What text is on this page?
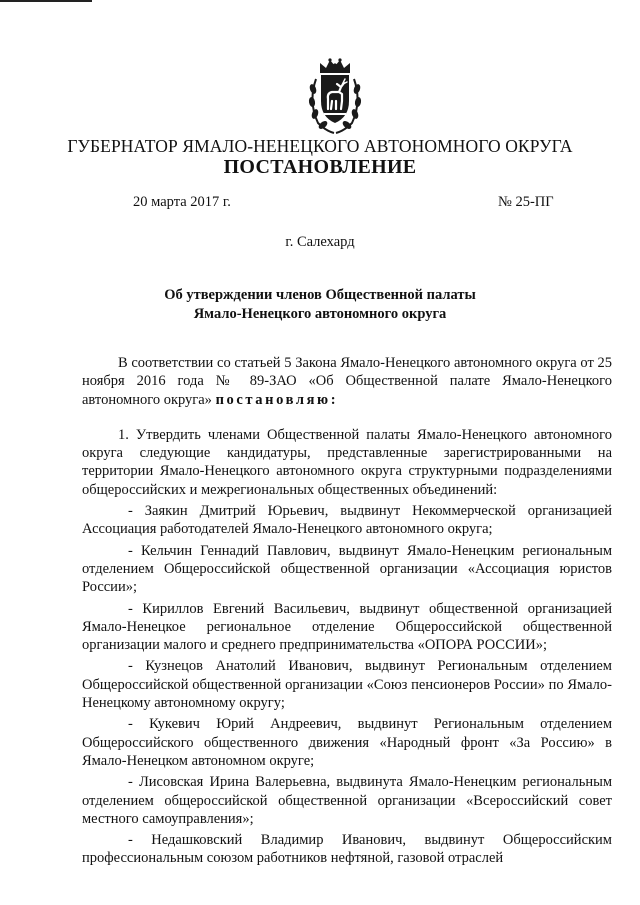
ГУБЕРНАТОР ЯМАЛО-НЕНЕЦКОГО АВТОНОМНОГО ОКРУГА
ПОСТАНОВЛЕНИЕ
20 марта 2017 г.	№ 25-ПГ
г. Салехард
Об утверждении членов Общественной палаты
Ямало-Ненецкого автономного округа

В соответствии со статьей 5 Закона Ямало-Ненецкого автономного округа от 25 ноября 2016 года № 89-ЗАО «Об Общественной палате Ямало-Ненецкого автономного округа» постановляю:

1. Утвердить членами Общественной палаты Ямало-Ненецкого автономного округа следующие кандидатуры, представленные зарегистрированными на территории Ямало-Ненецкого автономного округа структурными подразделениями общероссийских и межрегиональных общественных объединений:

- Заякин Дмитрий Юрьевич, выдвинут Некоммерческой организацией Ассоциация работодателей Ямало-Ненецкого автономного округа;

- Кельчин Геннадий Павлович, выдвинут Ямало-Ненецким региональным отделением Общероссийской общественной организации «Ассоциация юристов России»;

- Кириллов Евгений Васильевич, выдвинут общественной организацией Ямало-Ненецкое региональное отделение Общероссийской общественной организации малого и среднего предпринимательства «ОПОРА РОССИИ»;

- Кузнецов Анатолий Иванович, выдвинут Региональным отделением Общероссийской общественной организации «Союз пенсионеров России» по Ямало-Ненецкому автономному округу;

- Кукевич Юрий Андреевич, выдвинут Региональным отделением Общероссийского общественного движения «Народный фронт «За Россию» в Ямало-Ненецком автономном округе;

- Лисовская Ирина Валерьевна, выдвинута Ямало-Ненецким региональным отделением общероссийской общественной организации «Всероссийский совет местного самоуправления»;

- Недашковский Владимир Иванович, выдвинут Общероссийским профессиональным союзом работников нефтяной, газовой отраслей
